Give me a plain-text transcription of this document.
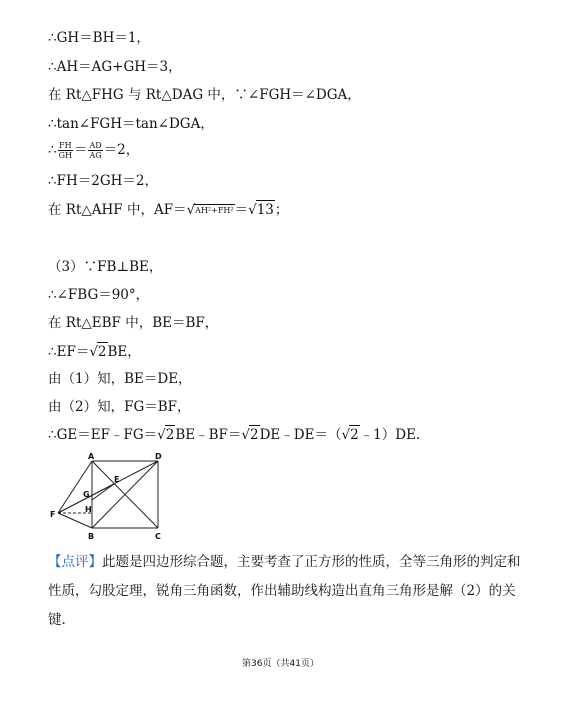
∴GH＝BH＝1，
∴AH＝AG+GH＝3，
在 Rt△FHG 与 Rt△DAG 中，∵∠FGH＝∠DGA，
∴tan∠FGH＝tan∠DGA，
∴ $\frac{FH}{GH} = \frac{AD}{AG} =2$，
∴FH＝2GH＝2，
在 Rt△AHF 中，AF＝√AH²+FH²＝√13；
（3）∵FB⊥BE，
∴∠FBG＝90°，
在 Rt△EBF 中，BE＝BF，
∴EF＝√2BE，
由（1）知，BE＝DE，
由（2）知，FG＝BF，
∴GE＝EF﹣FG＝√2BE﹣BF＝√2DE﹣DE＝（√2﹣1）DE.
A	D
B	C
E
F
G
H
【点评】此题是四边形综合题，主要考查了正方形的性质，全等三角形的判定和性质，勾股定理，锐角三角函数，作出辅助线构造出直角三角形是解（2）的关键.
第36页（共41页）
